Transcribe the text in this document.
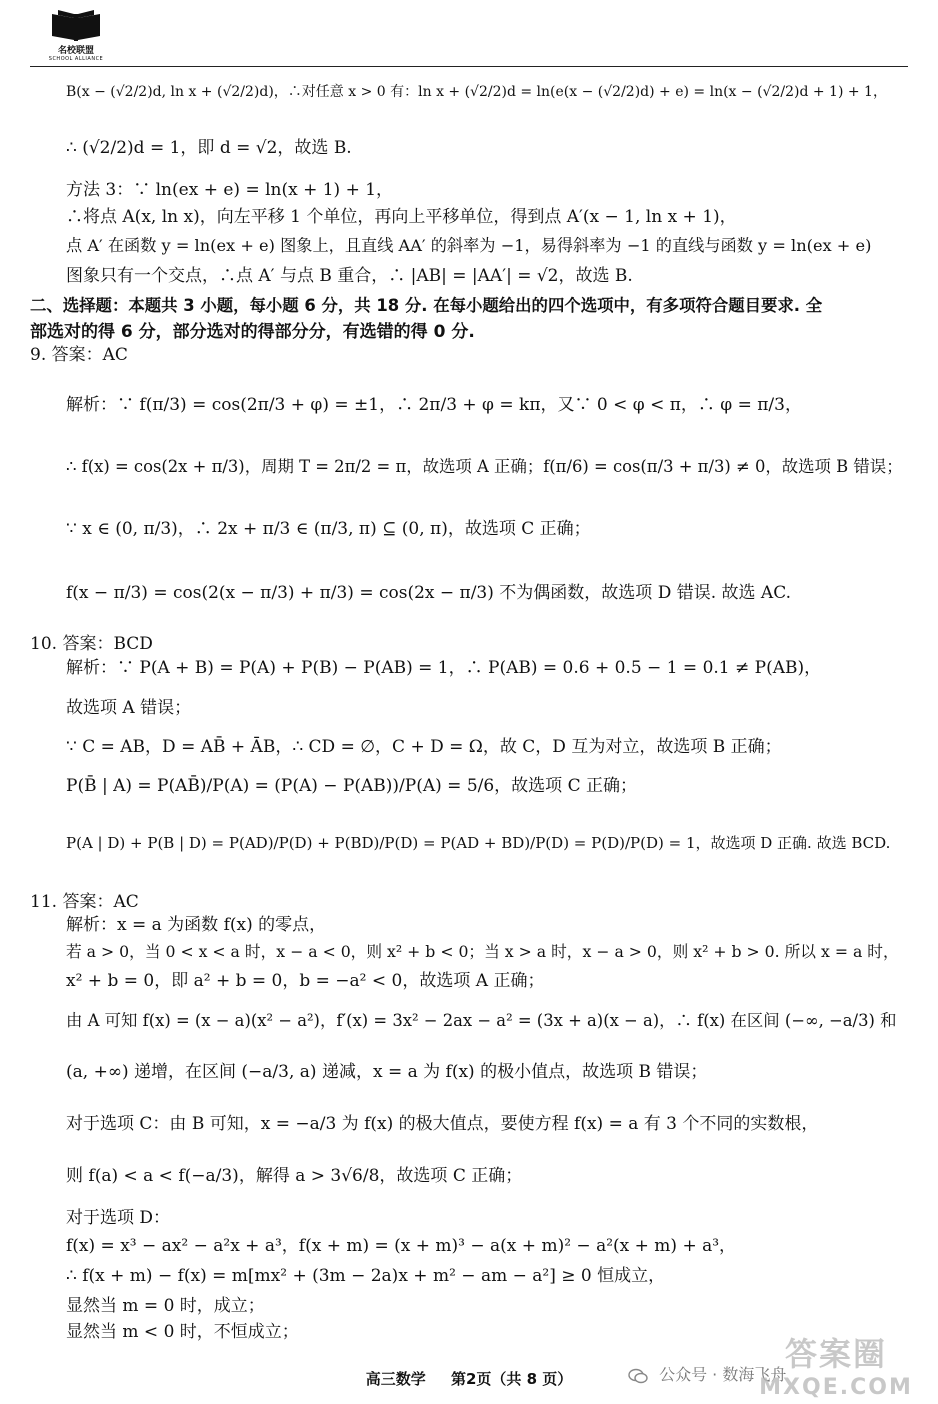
名校联盟
SCHOOL ALLIANCE
B(x − (√2/2)d, ln x + (√2/2)d)，∴对任意 x > 0 有：ln x + (√2/2)d = ln(e(x − (√2/2)d) + e) = ln(x − (√2/2)d + 1) + 1，
∴ (√2/2)d = 1，即 d = √2，故选 B.
方法 3：∵ ln(ex + e) = ln(x + 1) + 1，
∴将点 A(x, ln x)，向左平移 1 个单位，再向上平移单位，得到点 A′(x − 1, ln x + 1)，
点 A′ 在函数 y = ln(ex + e) 图象上，且直线 AA′ 的斜率为 −1，易得斜率为 −1 的直线与函数 y = ln(ex + e)
图象只有一个交点，∴点 A′ 与点 B 重合，∴ |AB| = |AA′| = √2，故选 B.
二、选择题：本题共 3 小题，每小题 6 分，共 18 分. 在每小题给出的四个选项中，有多项符合题目要求. 全
部选对的得 6 分，部分选对的得部分分，有选错的得 0 分.
9. 答案：AC
解析：∵ f(π/3) = cos(2π/3 + φ) = ±1，∴ 2π/3 + φ = kπ，又∵ 0 < φ < π，∴ φ = π/3，
∴ f(x) = cos(2x + π/3)，周期 T = 2π/2 = π，故选项 A 正确；f(π/6) = cos(π/3 + π/3) ≠ 0，故选项 B 错误；
∵ x ∈ (0, π/3)，∴ 2x + π/3 ∈ (π/3, π) ⊆ (0, π)，故选项 C 正确；
f(x − π/3) = cos(2(x − π/3) + π/3) = cos(2x − π/3) 不为偶函数，故选项 D 错误. 故选 AC.
10. 答案：BCD
解析：∵ P(A + B) = P(A) + P(B) − P(AB) = 1，∴ P(AB) = 0.6 + 0.5 − 1 = 0.1 ≠ P(AB)，
故选项 A 错误；
∵ C = AB，D = AB̄ + ĀB，∴ CD = ∅，C + D = Ω，故 C，D 互为对立，故选项 B 正确；
P(B̄ | A) = P(AB̄)/P(A) = (P(A) − P(AB))/P(A) = 5/6，故选项 C 正确；
P(A | D) + P(B | D) = P(AD)/P(D) + P(BD)/P(D) = P(AD + BD)/P(D) = P(D)/P(D) = 1，故选项 D 正确. 故选 BCD.
11. 答案：AC
解析：x = a 为函数 f(x) 的零点，
若 a > 0，当 0 < x < a 时，x − a < 0，则 x² + b < 0；当 x > a 时，x − a > 0，则 x² + b > 0. 所以 x = a 时，
x² + b = 0，即 a² + b = 0，b = −a² < 0，故选项 A 正确；
由 A 可知 f(x) = (x − a)(x² − a²)，f′(x) = 3x² − 2ax − a² = (3x + a)(x − a)，∴ f(x) 在区间 (−∞, −a/3) 和
(a, +∞) 递增，在区间 (−a/3, a) 递减，x = a 为 f(x) 的极小值点，故选项 B 错误；
对于选项 C：由 B 可知，x = −a/3 为 f(x) 的极大值点，要使方程 f(x) = a 有 3 个不同的实数根，
则 f(a) < a < f(−a/3)，解得 a > 3√6/8，故选项 C 正确；
对于选项 D：
f(x) = x³ − ax² − a²x + a³，f(x + m) = (x + m)³ − a(x + m)² − a²(x + m) + a³，
∴ f(x + m) − f(x) = m[mx² + (3m − 2a)x + m² − am − a²] ≥ 0 恒成立，
显然当 m = 0 时，成立；
显然当 m < 0 时，不恒成立；
公众号 · 数海飞舟
高三数学 第2页（共 8 页）
答案圈
MXQE.COM
